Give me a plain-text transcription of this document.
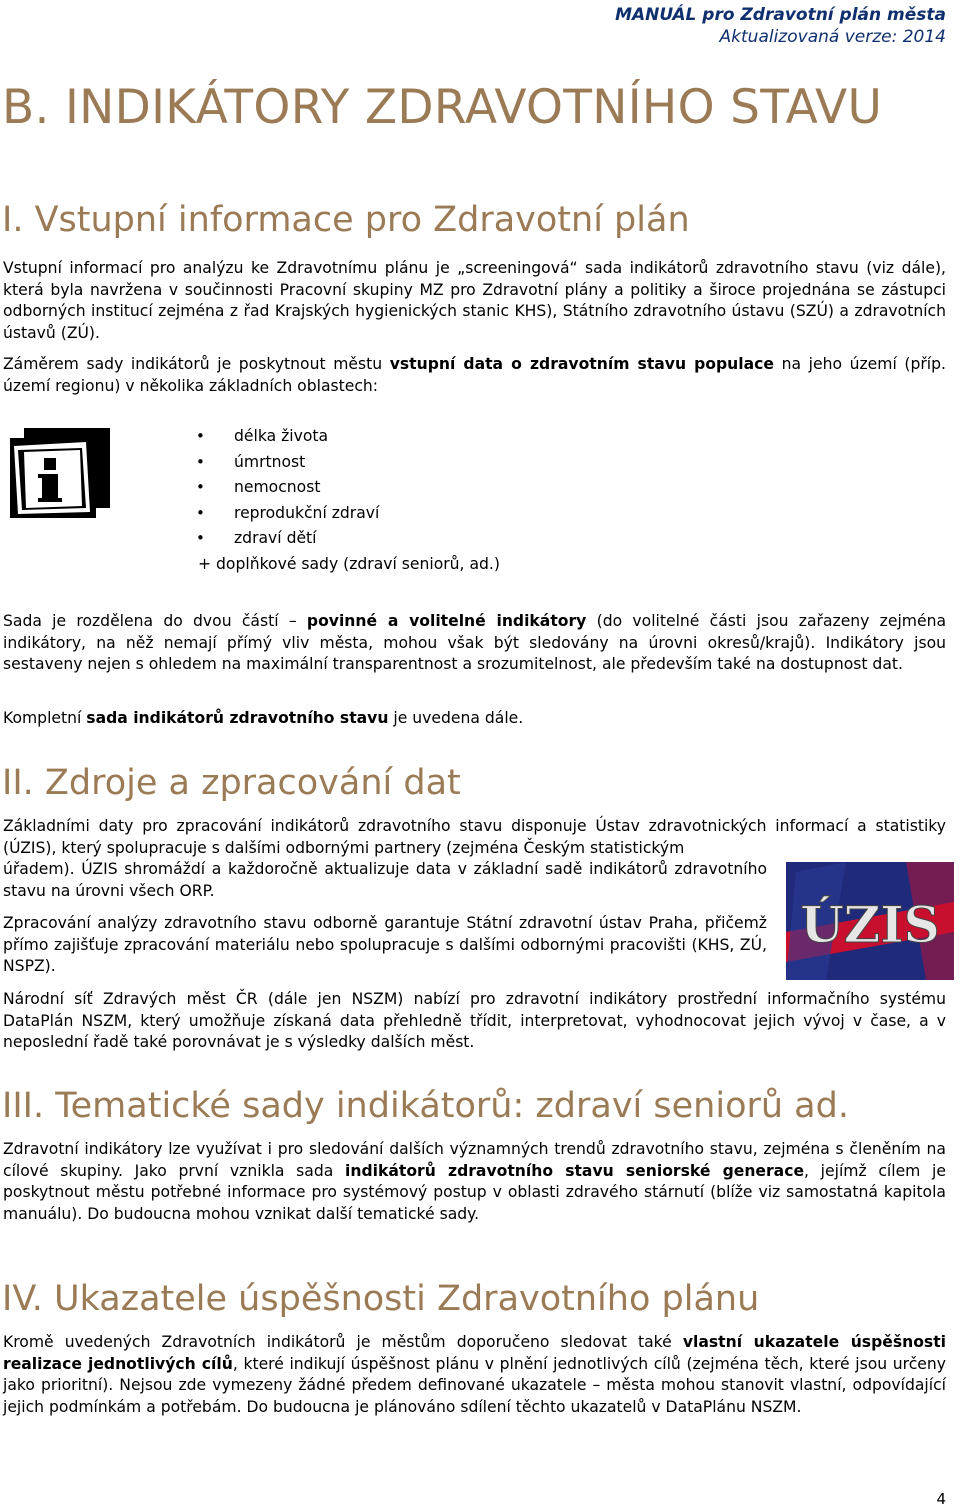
MANUÁL pro Zdravotní plán města
Aktualizovaná verze: 2014
B. INDIKÁTORY ZDRAVOTNÍHO STAVU
I. Vstupní informace pro Zdravotní plán
Vstupní informací pro analýzu ke Zdravotnímu plánu je „screeningová“ sada indikátorů zdravotního stavu (viz dále), která byla navržena v součinnosti Pracovní skupiny MZ pro Zdravotní plány a politiky a široce projednána se zástupci odborných institucí zejména z řad Krajských hygienických stanic KHS), Státního zdravotního ústavu (SZÚ) a zdravotních ústavů (ZÚ).
Záměrem sady indikátorů je poskytnout městu vstupní data o zdravotním stavu populace na jeho území (příp. území regionu) v několika základních oblastech:
• délka života
• úmrtnost
• nemocnost
• reprodukční zdraví
• zdraví dětí
+ doplňkové sady (zdraví seniorů, ad.)
Sada je rozdělena do dvou částí – povinné a volitelné indikátory (do volitelné části jsou zařazeny zejména indikátory, na něž nemají přímý vliv města, mohou však být sledovány na úrovni okresů/krajů). Indikátory jsou sestaveny nejen s ohledem na maximální transparentnost a srozumitelnost, ale především také na dostupnost dat.
Kompletní sada indikátorů zdravotního stavu je uvedena dále.
II. Zdroje a zpracování dat
Základními daty pro zpracování indikátorů zdravotního stavu disponuje Ústav zdravotnických informací a statistiky (ÚZIS), který spolupracuje s dalšími odbornými partnery (zejména Českým statistickým
úřadem). ÚZIS shromáždí a každoročně aktualizuje data v základní sadě indikátorů zdravotního stavu na úrovni všech ORP.
Zpracování analýzy zdravotního stavu odborně garantuje Státní zdravotní ústav Praha, přičemž přímo zajišťuje zpracování materiálu nebo spolupracuje s dalšími odbornými pracovišti (KHS, ZÚ, NSPZ).
ÚZIS
Národní síť Zdravých měst ČR (dále jen NSZM) nabízí pro zdravotní indikátory prostřední informačního systému DataPlán NSZM, který umožňuje získaná data přehledně třídit, interpretovat, vyhodnocovat jejich vývoj v čase, a v neposlední řadě také porovnávat je s výsledky dalších měst.
III. Tematické sady indikátorů: zdraví seniorů ad.
Zdravotní indikátory lze využívat i pro sledování dalších významných trendů zdravotního stavu, zejména s členěním na cílové skupiny. Jako první vznikla sada indikátorů zdravotního stavu seniorské generace, jejímž cílem je poskytnout městu potřebné informace pro systémový postup v oblasti zdravého stárnutí (blíže viz samostatná kapitola manuálu). Do budoucna mohou vznikat další tematické sady.
IV. Ukazatele úspěšnosti Zdravotního plánu
Kromě uvedených Zdravotních indikátorů je městům doporučeno sledovat také vlastní ukazatele úspěšnosti realizace jednotlivých cílů, které indikují úspěšnost plánu v plnění jednotlivých cílů (zejména těch, které jsou určeny jako prioritní). Nejsou zde vymezeny žádné předem definované ukazatele – města mohou stanovit vlastní, odpovídající jejich podmínkám a potřebám. Do budoucna je plánováno sdílení těchto ukazatelů v DataPlánu NSZM.
4
